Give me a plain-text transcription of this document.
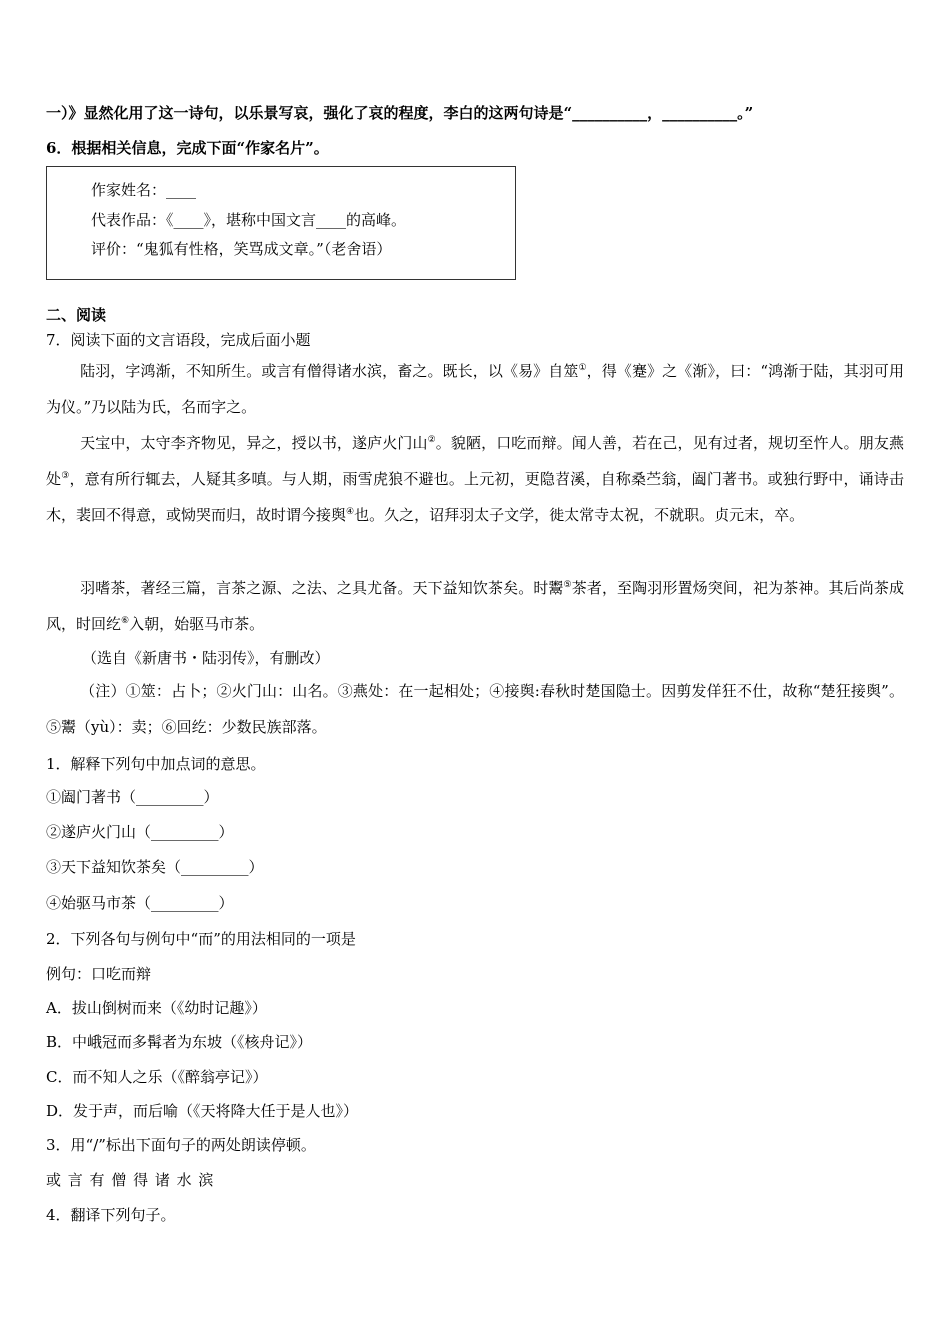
一）》显然化用了这一诗句，以乐景写哀，强化了哀的程度，李白的这两句诗是“__________，__________。”
6．根据相关信息，完成下面“作家名片”。
作家姓名：____
代表作品：《____》，堪称中国文言____的高峰。
评价：“鬼狐有性格，笑骂成文章。”（老舍语）
二、阅读
7．阅读下面的文言语段，完成后面小题
陆羽，字鸿渐，不知所生。或言有僧得诸水滨，畜之。既长，以《易》自筮①，得《蹇》之《渐》，曰：“鸿渐于陆，其羽可用为仪。”乃以陆为氏，名而字之。
天宝中，太守李齐物见，异之，授以书，遂庐火门山②。貌陋，口吃而辩。闻人善，若在己，见有过者，规切至忤人。朋友燕处③，意有所行辄去，人疑其多嗔。与人期，雨雪虎狼不避也。上元初，更隐苕溪，自称桑苎翁，阖门著书。或独行野中，诵诗击木，裴回不得意，或恸哭而归，故时谓今接舆④也。久之，诏拜羽太子文学，徙太常寺太祝，不就职。贞元末，卒。
羽嗜茶，著经三篇，言茶之源、之法、之具尤备。天下益知饮茶矣。时鬻⑤茶者，至陶羽形置炀突间，祀为茶神。其后尚茶成风，时回纥⑥入朝，始驱马市茶。
（选自《新唐书・陆羽传》，有删改）
（注）①筮：占卜；②火门山：山名。③燕处：在一起相处；④接舆:春秋时楚国隐士。因剪发佯狂不仕，故称“楚狂接舆”。⑤鬻（yù）：卖；⑥回纥：少数民族部落。
1．解释下列句中加点词的意思。
①阖门著书（_________）
②遂庐火门山（_________）
③天下益知饮茶矣（_________）
④始驱马市茶（_________）
2．下列各句与例句中“而”的用法相同的一项是
例句：口吃而辩
A．拔山倒树而来（《幼时记趣》）
B．中峨冠而多髯者为东坡（《核舟记》）
C．而不知人之乐（《醉翁亭记》）
D．发于声，而后喻（《天将降大任于是人也》）
3．用“/”标出下面句子的两处朗读停顿。
或 言 有 僧 得 诸 水 滨
4．翻译下列句子。
